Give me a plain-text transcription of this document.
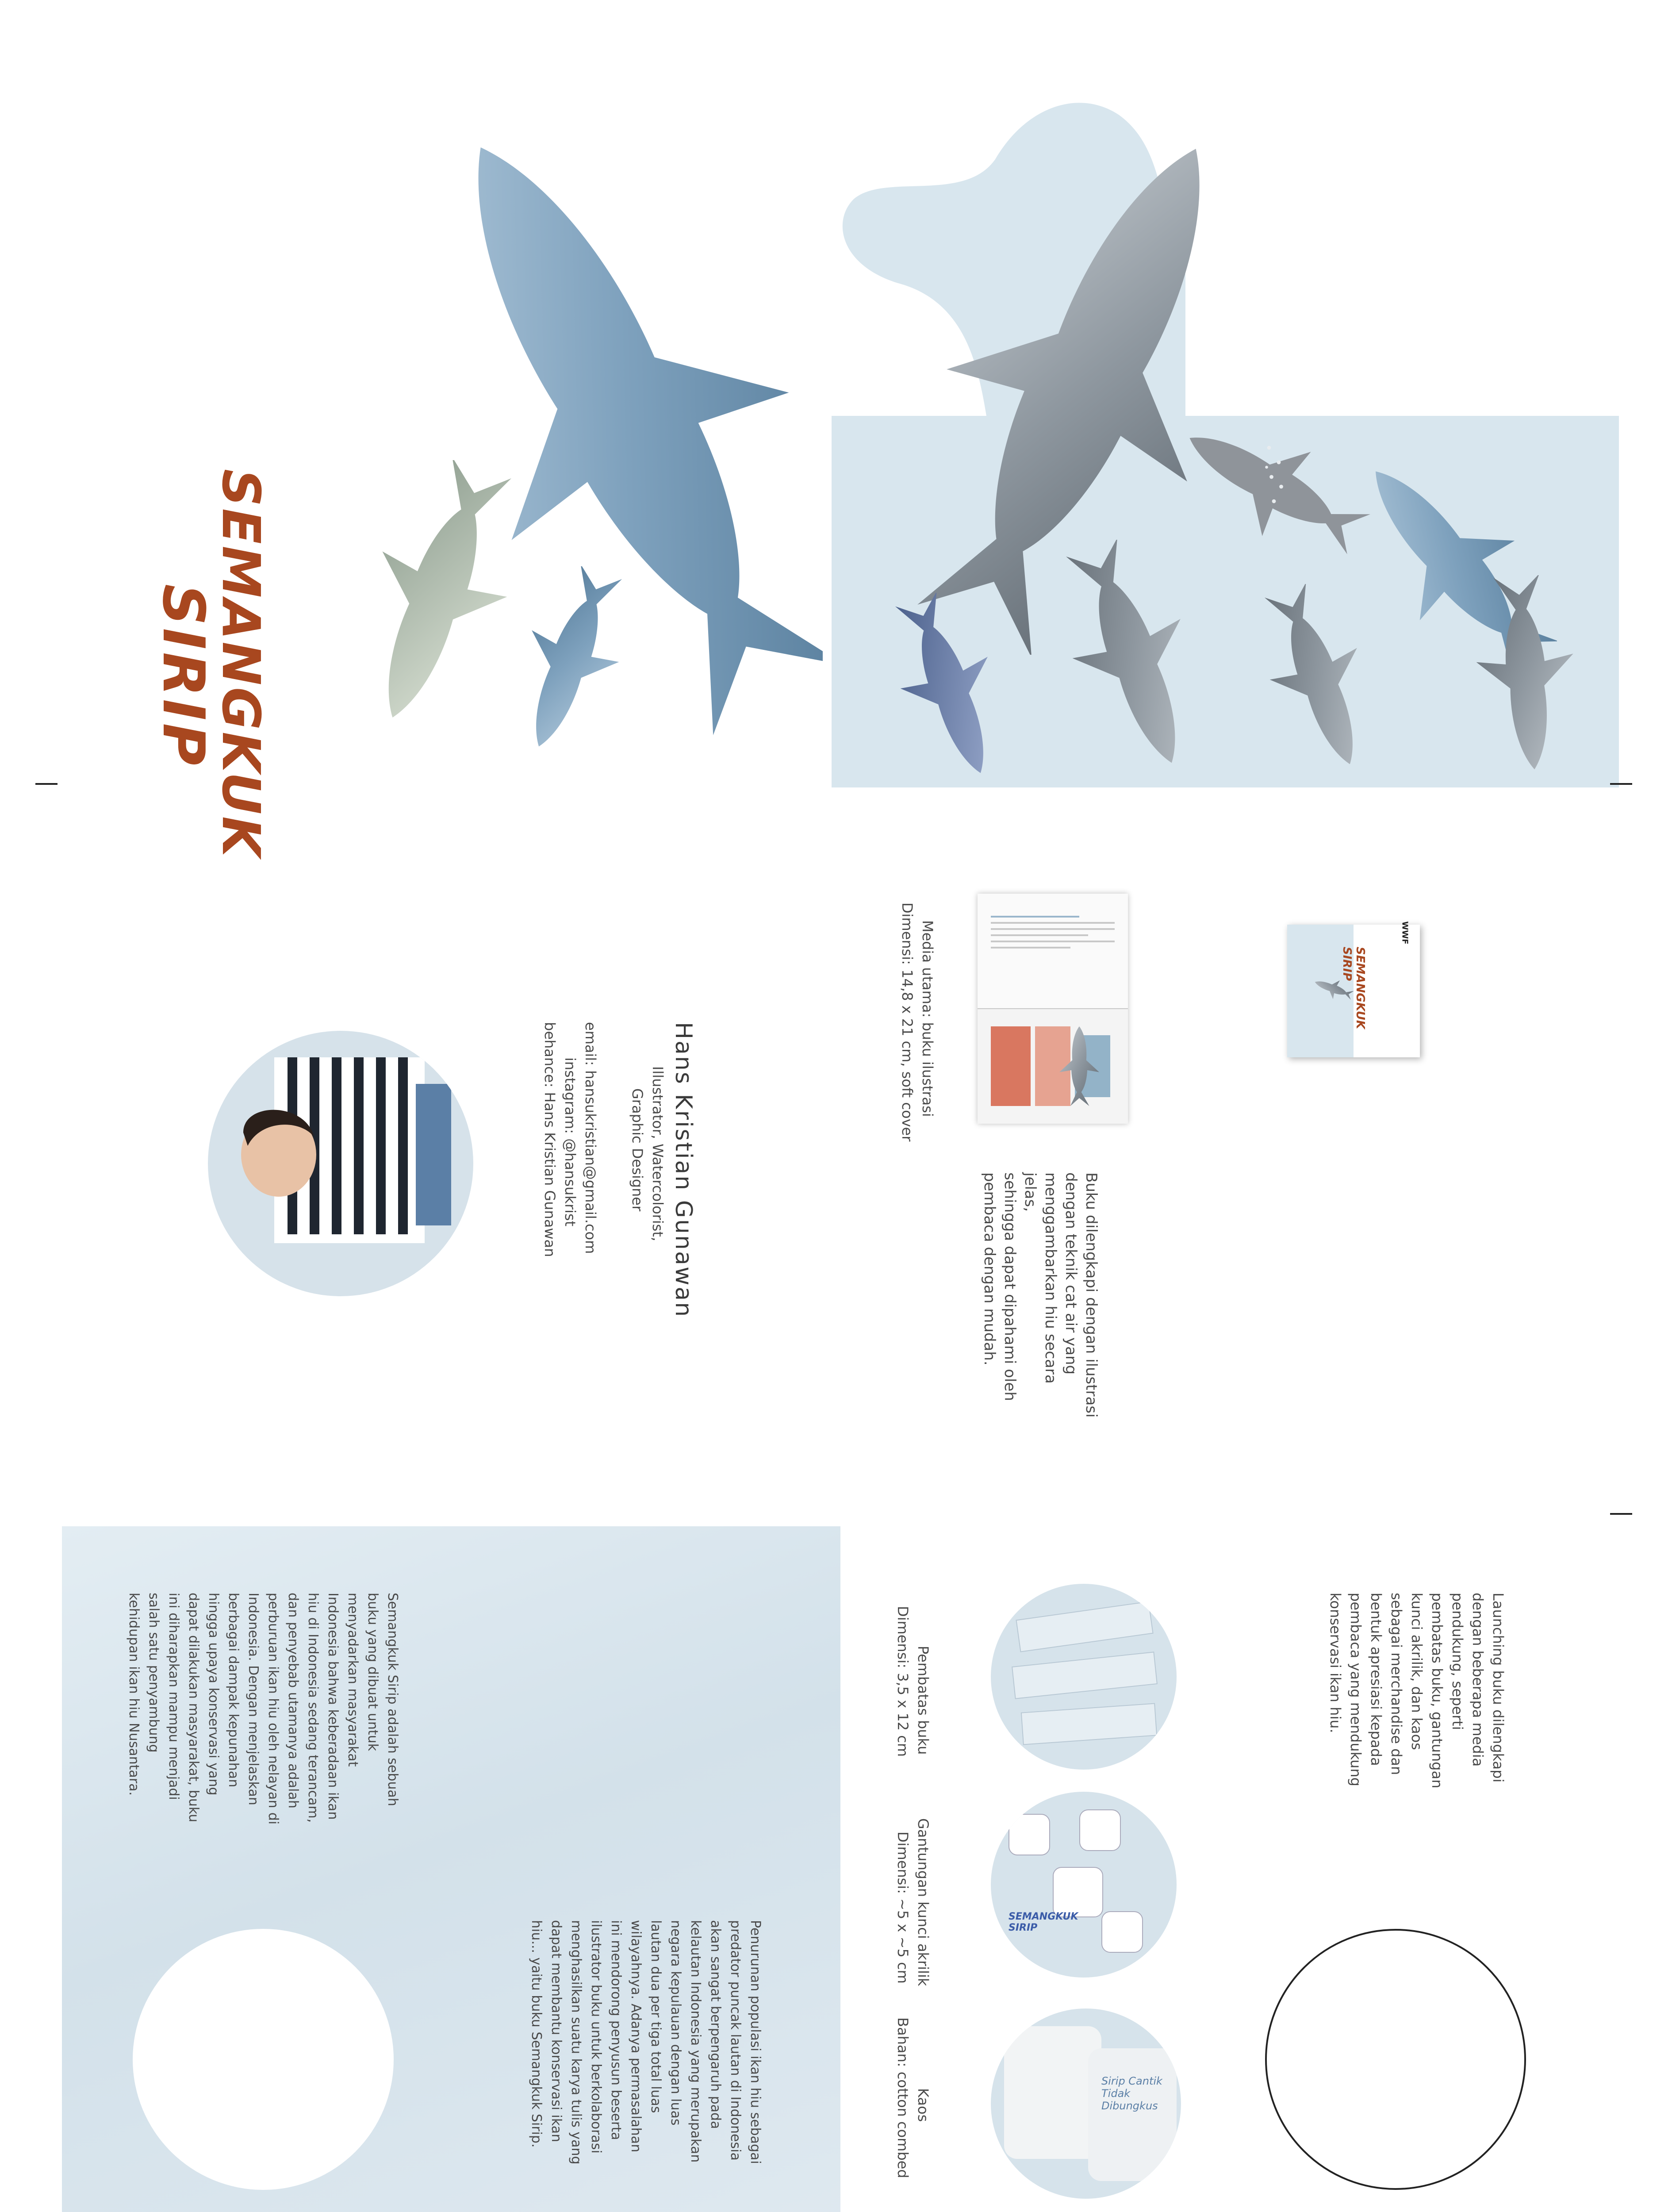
SEMANGKUK
SIRIP
Hans Kristian Gunawan
Illustrator, Watercolorist,
Graphic Designer
email: hansukristian@gmail.com
instagram: @hansukrist
behance: Hans Kristian Gunawan
Media utama: buku ilustrasi
Dimensi: 14,8 x 21 cm, soft cover

Buku dilengkapi dengan ilustrasi

dengan teknik cat air yang

menggambarkan hiu secara jelas,

sehingga dapat dipahami oleh

pembaca dengan mudah.

WWF
SEMANGKUK SIRIP

Semangkuk Sirip adalah sebuah

buku yang dibuat untuk

menyadarkan masyarakat

Indonesia bahwa keberadaan ikan

hiu di Indonesia sedang terancam,

dan penyebab utamanya adalah

perburuan ikan hiu oleh nelayan di

Indonesia. Dengan menjelaskan

berbagai dampak kepunahan

hingga upaya konservasi yang

dapat dilakukan masyarakat, buku

ini diharapkan mampu menjadi

salah satu penyambung

kehidupan ikan hiu Nusantara.

Penurunan populasi ikan hiu sebagai

predator puncak lautan di Indonesia

akan sangat berpengaruh pada

kelautan Indonesia yang merupakan

negara kepulauan dengan luas

lautan dua per tiga total luas

wilayahnya. Adanya permasalahan

ini mendorong penyusun beserta

ilustrator buku untuk berkolaborasi

menghasilkan suatu karya tulis yang

dapat membantu konservasi ikan

hiu... yaitu buku Semangkuk Sirip.

Pembatas buku
Dimensi: 3,5 x 12 cm
Gantungan kunci akrilik
Dimensi: ~5 x ~5 cm	SEMANGKUK SIRIP
Kaos
Bahan: cotton combed	Sirip Cantik Tidak Dibungkus

Launching buku dilengkapi

dengan beberapa media

pendukung, seperti

pembatas buku, gantungan

kunci akrilik, dan kaos

sebagai merchandise dan

bentuk apresiasi kepada

pembaca yang mendukung

konservasi ikan hiu.
